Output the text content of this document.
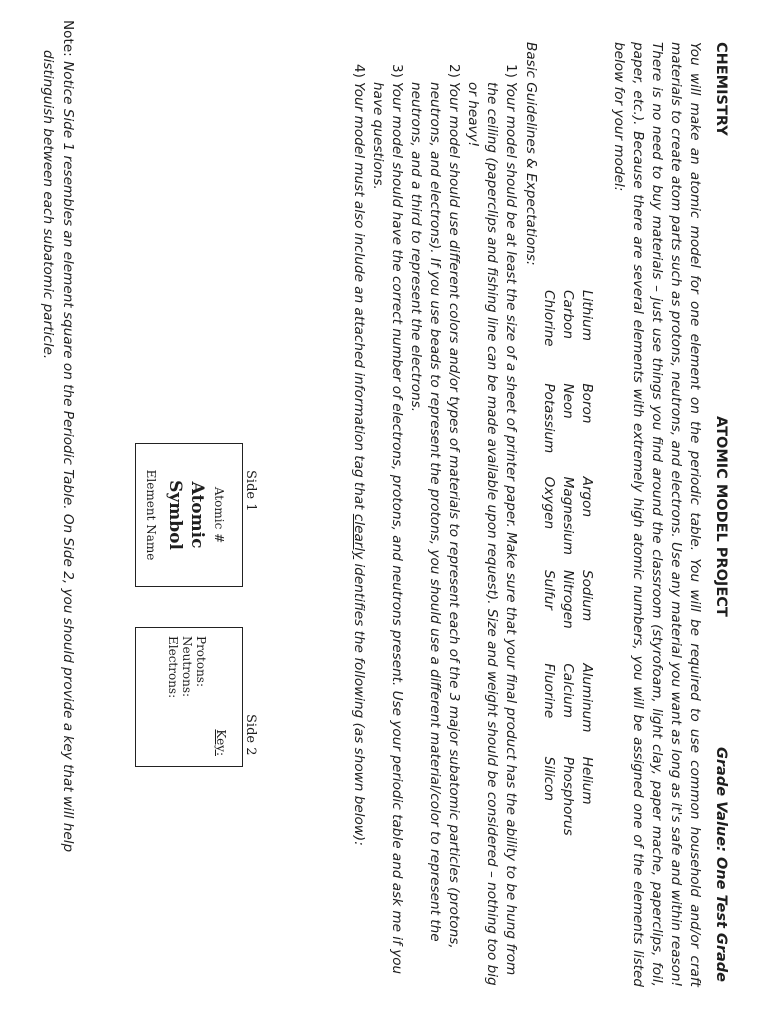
CHEMISTRY
ATOMIC MODEL PROJECT
Grade Value: One Test Grade
You will make an atomic model for one element on the periodic table. You will be required to use common household and/or craft materials to create atom parts such as protons, neutrons, and electrons. Use any material you want as long as it's safe and within reason! There is no need to buy materials – just use things you find around the classroom (styrofoam, light clay, paper mache, paperclips, foil, paper, etc.). Because there are several elements with extremely high atomic numbers, you will be assigned one of the elements listed below for your model:
Lithium
Boron
Argon
Sodium
Aluminum
Helium
Carbon
Neon
Magnesium
Nitrogen
Calcium
Phosphorus
Chlorine
Potassium
Oxygen
Sulfur
Fluorine
Silicon
Basic Guidelines & Expectations:
1)
Your model should be at least the size of a sheet of printer paper. Make sure that your final product has the ability to be hung from the ceiling (paperclips and fishing line can be made available upon request). Size and weight should be considered – nothing too big or heavy!
2)
Your model should use different colors and/or types of materials to represent each of the 3 major subatomic particles (protons, neutrons, and electrons). If you use beads to represent the protons, you should use a different material/color to represent the neutrons, and a third to represent the electrons.
3)
Your model should have the correct number of electrons, protons, and neutrons present. Use your periodic table and ask me if you have questions.
4)
Your model must also include an attached information tag that clearly identifies the following (as shown below):
Side 1
Side 2
Atomic #
Atomic
Symbol
Element Name
Key:
Protons:
Neutrons:
Electrons:
Note: Notice Side 1 resembles an element square on the Periodic Table. On Side 2, you should provide a key that will help
distinguish between each subatomic particle.
